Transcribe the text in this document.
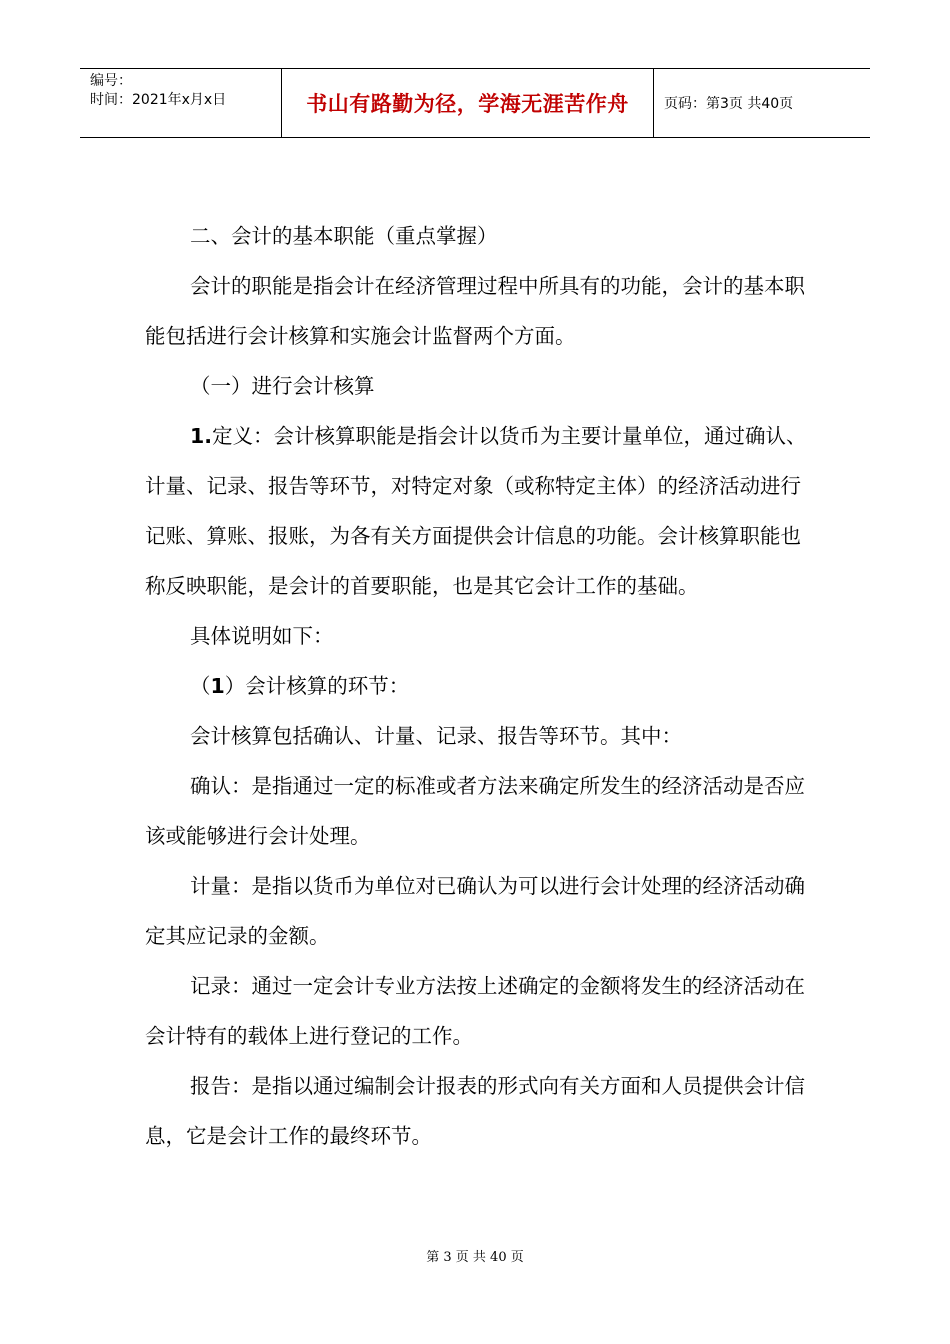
编号：
时间：2021年x月x日	书山有路勤为径，学海无涯苦作舟	页码：第3页 共40页

二、会计的基本职能（重点掌握）

会计的职能是指会计在经济管理过程中所具有的功能，会计的基本职能包括进行会计核算和实施会计监督两个方面。

（一）进行会计核算

1.定义：会计核算职能是指会计以货币为主要计量单位，通过确认、计量、记录、报告等环节，对特定对象（或称特定主体）的经济活动进行记账、算账、报账，为各有关方面提供会计信息的功能。会计核算职能也称反映职能，是会计的首要职能，也是其它会计工作的基础。

具体说明如下：

（1）会计核算的环节：

会计核算包括确认、计量、记录、报告等环节。其中：

确认：是指通过一定的标准或者方法来确定所发生的经济活动是否应该或能够进行会计处理。

计量：是指以货币为单位对已确认为可以进行会计处理的经济活动确定其应记录的金额。

记录：通过一定会计专业方法按上述确定的金额将发生的经济活动在会计特有的载体上进行登记的工作。

报告：是指以通过编制会计报表的形式向有关方面和人员提供会计信息，它是会计工作的最终环节。

第 3 页 共 40 页
